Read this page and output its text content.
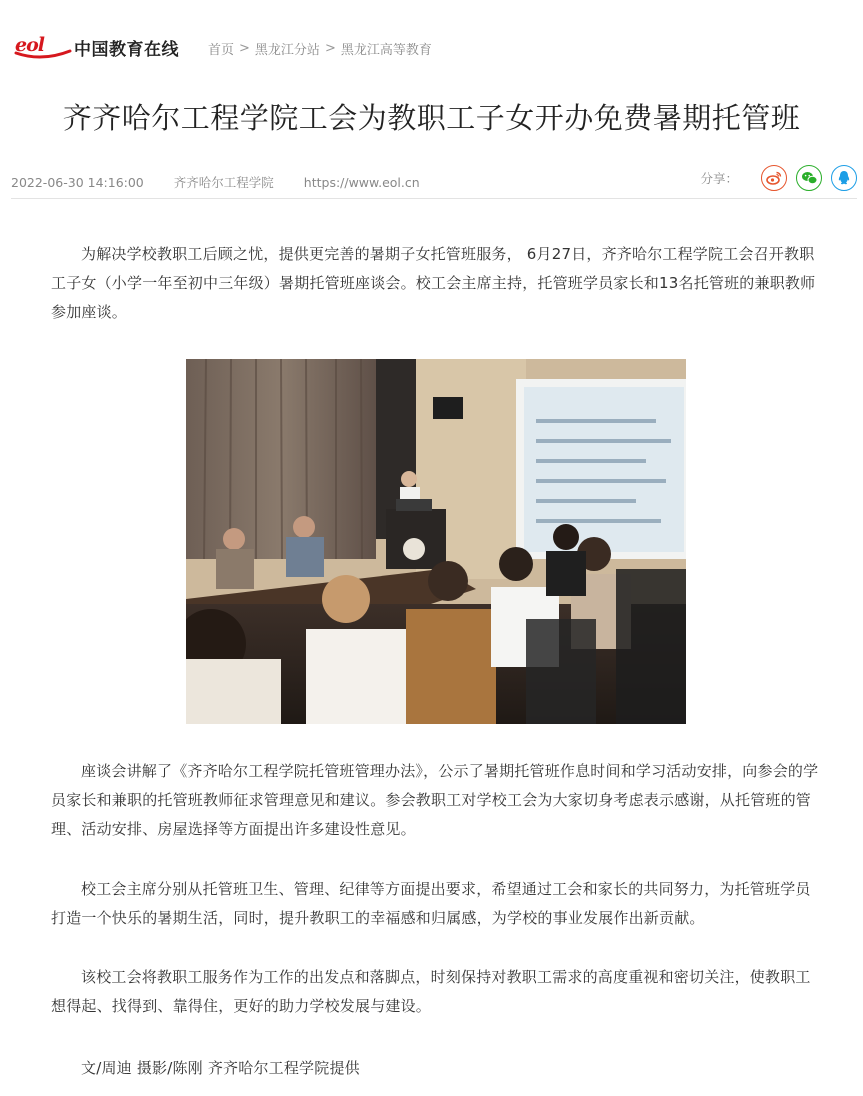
eol 中国教育在线 首页 > 黑龙江分站 > 黑龙江高等教育
齐齐哈尔工程学院工会为教职工子女开办免费暑期托管班
2022-06-30 14:16:00 齐齐哈尔工程学院 https://www.eol.cn	分享：

为解决学校教职工后顾之忧，提供更完善的暑期子女托管班服务， 6月27日，齐齐哈尔工程学院工会召开教职工子女（小学一年至初中三年级）暑期托管班座谈会。校工会主席主持，托管班学员家长和13名托管班的兼职教师参加座谈。

座谈会讲解了《齐齐哈尔工程学院托管班管理办法》，公示了暑期托管班作息时间和学习活动安排，向参会的学员家长和兼职的托管班教师征求管理意见和建议。参会教职工对学校工会为大家切身考虑表示感谢，从托管班的管理、活动安排、房屋选择等方面提出许多建设性意见。

校工会主席分别从托管班卫生、管理、纪律等方面提出要求，希望通过工会和家长的共同努力，为托管班学员打造一个快乐的暑期生活，同时，提升教职工的幸福感和归属感，为学校的事业发展作出新贡献。

该校工会将教职工服务作为工作的出发点和落脚点，时刻保持对教职工需求的高度重视和密切关注，使教职工想得起、找得到、靠得住，更好的助力学校发展与建设。

文/周迪 摄影/陈刚 齐齐哈尔工程学院提供
